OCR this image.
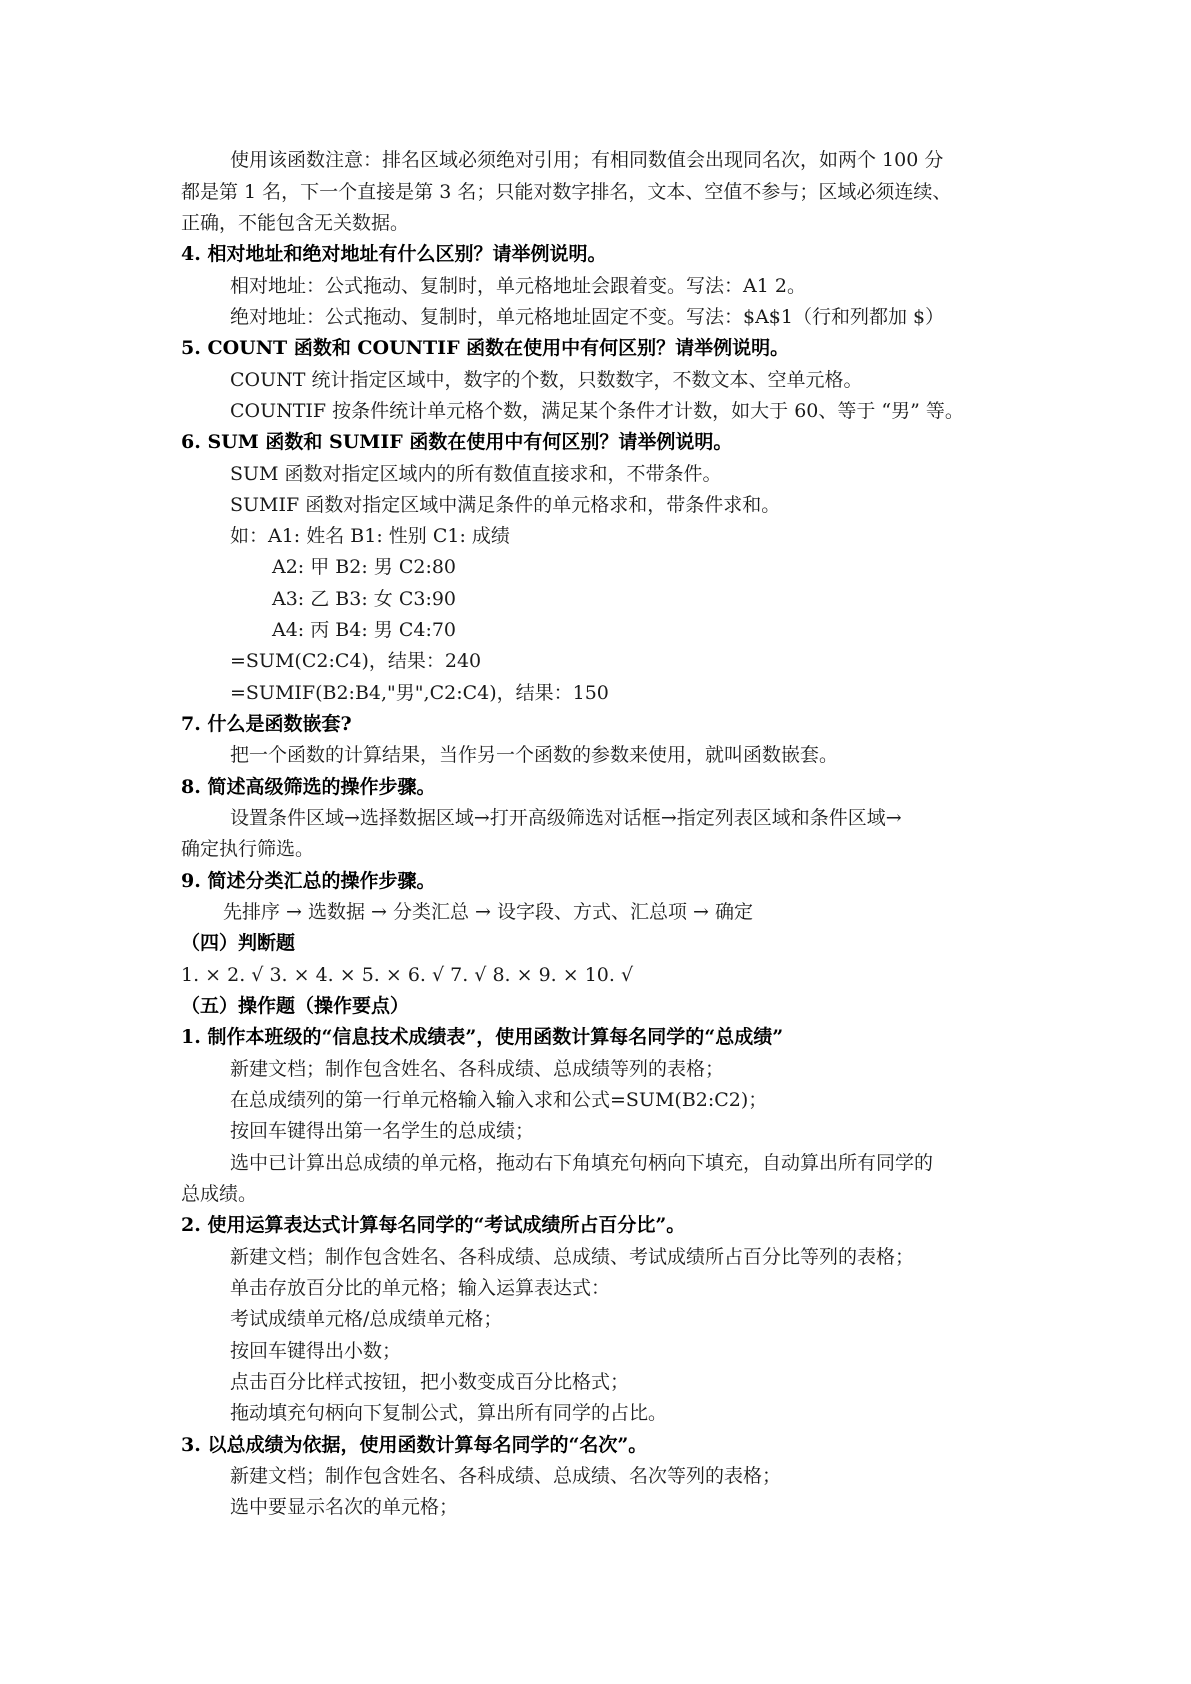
使用该函数注意：排名区域必须绝对引用；有相同数值会出现同名次，如两个 100 分
都是第 1 名，下一个直接是第 3 名；只能对数字排名，文本、空值不参与；区域必须连续、
正确，不能包含无关数据。
4. 相对地址和绝对地址有什么区别？请举例说明。
相对地址：公式拖动、复制时，单元格地址会跟着变。写法：A1 2。
绝对地址：公式拖动、复制时，单元格地址固定不变。写法：$A$1（行和列都加 $）
5. COUNT 函数和 COUNTIF 函数在使用中有何区别？请举例说明。
COUNT 统计指定区域中，数字的个数，只数数字，不数文本、空单元格。
COUNTIF 按条件统计单元格个数，满足某个条件才计数，如大于 60、等于 “男” 等。
6. SUM 函数和 SUMIF 函数在使用中有何区别？请举例说明。
SUM 函数对指定区域内的所有数值直接求和，不带条件。
SUMIF 函数对指定区域中满足条件的单元格求和，带条件求和。
如：A1: 姓名 B1: 性别 C1: 成绩
A2: 甲 B2: 男 C2:80
A3: 乙 B3: 女 C3:90
A4: 丙 B4: 男 C4:70
=SUM(C2:C4)，结果：240
=SUMIF(B2:B4,"男",C2:C4)，结果：150
7. 什么是函数嵌套?
把一个函数的计算结果，当作另一个函数的参数来使用，就叫函数嵌套。
8. 简述高级筛选的操作步骤。
设置条件区域→选择数据区域→打开高级筛选对话框→指定列表区域和条件区域→
确定执行筛选。
9. 简述分类汇总的操作步骤。
先排序 → 选数据 → 分类汇总 → 设字段、方式、汇总项 → 确定
（四）判断题
1. × 2. √ 3. × 4. × 5. × 6. √ 7. √ 8. × 9. × 10. √
（五）操作题（操作要点）
1. 制作本班级的“信息技术成绩表”，使用函数计算每名同学的“总成绩”
新建文档；制作包含姓名、各科成绩、总成绩等列的表格；
在总成绩列的第一行单元格输入输入求和公式=SUM(B2:C2)；
按回车键得出第一名学生的总成绩；
选中已计算出总成绩的单元格，拖动右下角填充句柄向下填充，自动算出所有同学的
总成绩。
2. 使用运算表达式计算每名同学的“考试成绩所占百分比”。
新建文档；制作包含姓名、各科成绩、总成绩、考试成绩所占百分比等列的表格；
单击存放百分比的单元格；输入运算表达式：
考试成绩单元格/总成绩单元格；
按回车键得出小数；
点击百分比样式按钮，把小数变成百分比格式；
拖动填充句柄向下复制公式，算出所有同学的占比。
3. 以总成绩为依据，使用函数计算每名同学的“名次”。
新建文档；制作包含姓名、各科成绩、总成绩、名次等列的表格；
选中要显示名次的单元格；
